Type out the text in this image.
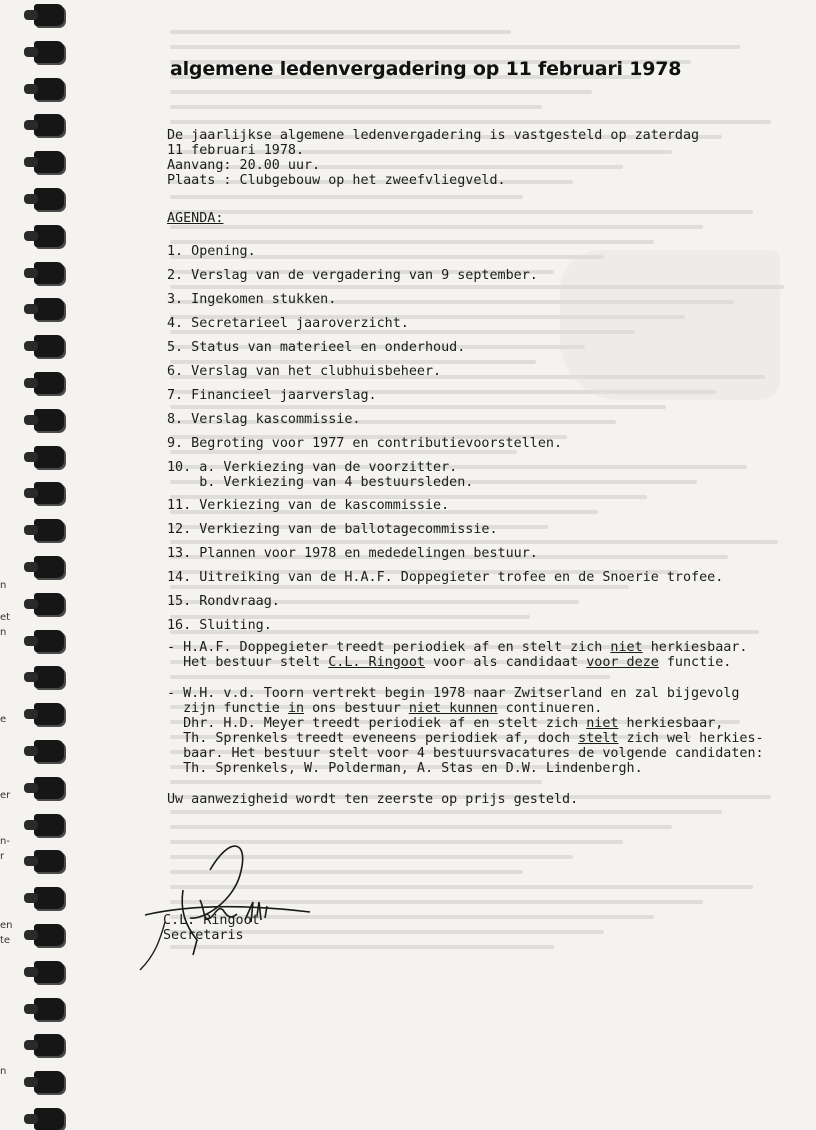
n
et
n
e
er
n-
r
en
te
n
algemene ledenvergadering op 11 februari 1978
De jaarlijkse algemene ledenvergadering is vastgesteld op zaterdag
11 februari 1978.
Aanvang: 20.00 uur.
Plaats : Clubgebouw op het zweefvliegveld.
AGENDA:
1. Opening.
2. Verslag van de vergadering van 9 september.
3. Ingekomen stukken.
4. Secretarieel jaaroverzicht.
5. Status van materieel en onderhoud.
6. Verslag van het clubhuisbeheer.
7. Financieel jaarverslag.
8. Verslag kascommissie.
9. Begroting voor 1977 en contributievoorstellen.
10. a. Verkiezing van de voorzitter.
b. Verkiezing van 4 bestuursleden.
11. Verkiezing van de kascommissie.
12. Verkiezing van de ballotagecommissie.
13. Plannen voor 1978 en mededelingen bestuur.
14. Uitreiking van de H.A.F. Doppegieter trofee en de Snoerie trofee.
15. Rondvraag.
16. Sluiting.
- H.A.F. Doppegieter treedt periodiek af en stelt zich niet herkiesbaar.
Het bestuur stelt C.L. Ringoot voor als candidaat voor deze functie.
- W.H. v.d. Toorn vertrekt begin 1978 naar Zwitserland en zal bijgevolg
zijn functie in ons bestuur niet kunnen continueren.
Dhr. H.D. Meyer treedt periodiek af en stelt zich niet herkiesbaar,
Th. Sprenkels treedt eveneens periodiek af, doch stelt zich wel herkies-
baar. Het bestuur stelt voor 4 bestuursvacatures de volgende candidaten:
Th. Sprenkels, W. Polderman, A. Stas en D.W. Lindenbergh.
Uw aanwezigheid wordt ten zeerste op prijs gesteld.
C.L. Ringoot
Secretaris
